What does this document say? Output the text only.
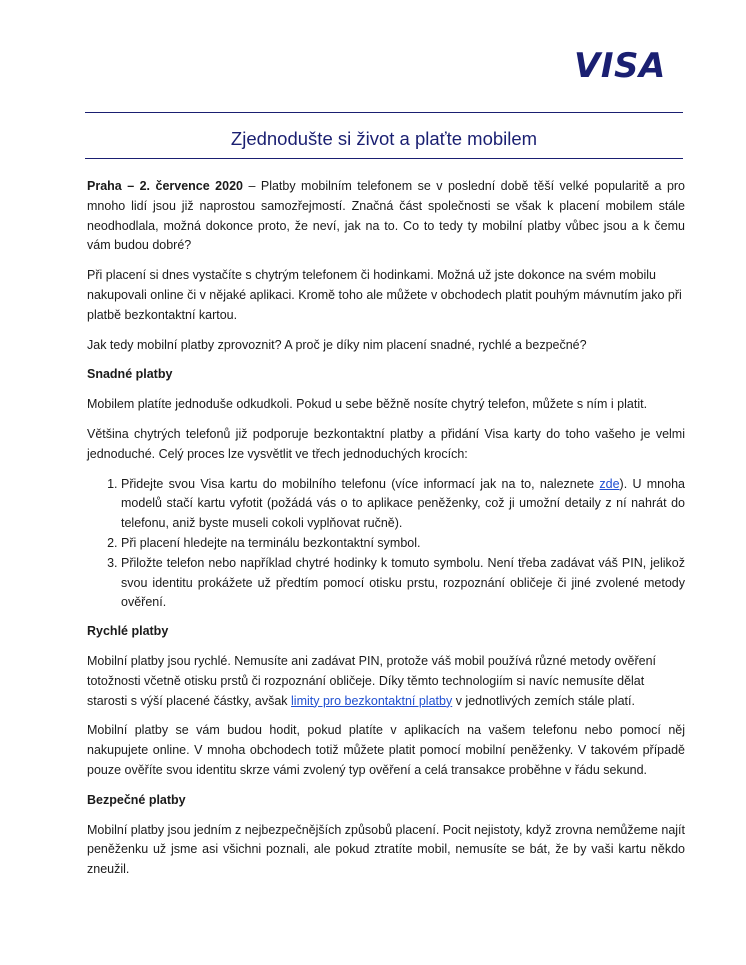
VISA
Zjednodušte si život a plaťte mobilem

Praha – 2. července 2020 – Platby mobilním telefonem se v poslední době těší velké popularitě a pro mnoho lidí jsou již naprostou samozřejmostí. Značná část společnosti se však k placení mobilem stále neodhodlala, možná dokonce proto, že neví, jak na to. Co to tedy ty mobilní platby vůbec jsou a k čemu vám budou dobré?

Při placení si dnes vystačíte s chytrým telefonem či hodinkami. Možná už jste dokonce na svém mobilu nakupovali online či v nějaké aplikaci. Kromě toho ale můžete v obchodech platit pouhým mávnutím jako při platbě bezkontaktní kartou.

Jak tedy mobilní platby zprovoznit? A proč je díky nim placení snadné, rychlé a bezpečné?

Snadné platby

Mobilem platíte jednoduše odkudkoli. Pokud u sebe běžně nosíte chytrý telefon, můžete s ním i platit.

Většina chytrých telefonů již podporuje bezkontaktní platby a přidání Visa karty do toho vašeho je velmi jednoduché. Celý proces lze vysvětlit ve třech jednoduchých krocích:

1. Přidejte svou Visa kartu do mobilního telefonu (více informací jak na to, naleznete zde). U mnoha modelů stačí kartu vyfotit (požádá vás o to aplikace peněženky, což ji umožní detaily z ní nahrát do telefonu, aniž byste museli cokoli vyplňovat ručně).
2. Při placení hledejte na terminálu bezkontaktní symbol.
3. Přiložte telefon nebo například chytré hodinky k tomuto symbolu. Není třeba zadávat váš PIN, jelikož svou identitu prokážete už předtím pomocí otisku prstu, rozpoznání obličeje či jiné zvolené metody ověření.
Rychlé platby

Mobilní platby jsou rychlé. Nemusíte ani zadávat PIN, protože váš mobil používá různé metody ověření totožnosti včetně otisku prstů či rozpoznání obličeje. Díky těmto technologiím si navíc nemusíte dělat starosti s výší placené částky, avšak limity pro bezkontaktní platby v jednotlivých zemích stále platí.

Mobilní platby se vám budou hodit, pokud platíte v aplikacích na vašem telefonu nebo pomocí něj nakupujete online. V mnoha obchodech totiž můžete platit pomocí mobilní peněženky. V takovém případě pouze ověříte svou identitu skrze vámi zvolený typ ověření a celá transakce proběhne v řádu sekund.

Bezpečné platby

Mobilní platby jsou jedním z nejbezpečnějších způsobů placení. Pocit nejistoty, když zrovna nemůžeme najít peněženku už jsme asi všichni poznali, ale pokud ztratíte mobil, nemusíte se bát, že by vaši kartu někdo zneužil.
